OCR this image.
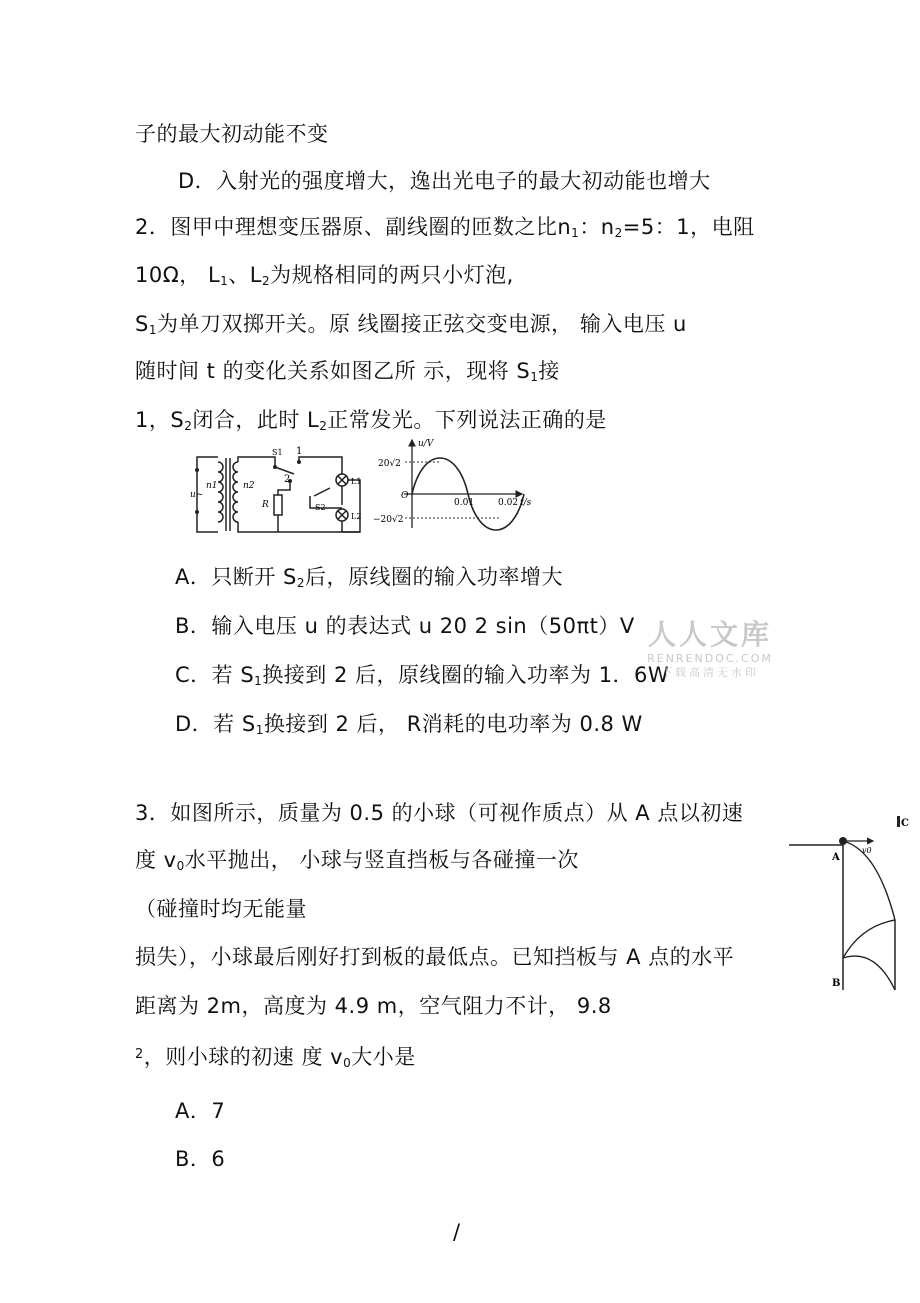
子的最大初动能不变
D．入射光的强度增大，逸出光电子的最大初动能也增大
2．图甲中理想变压器原、副线圈的匝数之比$n_1$：$n_2=5$：1，电阻
10Ω， $L_1$、$L_2$为规格相同的两只小灯泡,
$S_1$为单刀双掷开关。原 线圈接正弦交变电源， 输入电压 u
随时间 t 的变化关系如图乙所 示，现将 $S_1$接
1，$S_2$闭合，此时 $L_2$正常发光。下列说法正确的是
n1	n2
u~
S1 1
2
R	S2
L1
L2
u/V
20√2
−20√2
O
0.01	0.02 t/s
A．只断开 $S_2$后，原线圈的输入功率增大
B．输入电压 u 的表达式 u 20 2 sin（50πt）V
C．若 $S_1$换接到 2 后，原线圈的输入功率为 1．6W
D．若 $S_1$换接到 2 后， R消耗的电功率为 0.8 W
人人文库
RENRENDOC.COM
下载高清无水印
3．如图所示，质量为 0.5 的小球（可视作质点）从 A 点以初速
度 $v_0$水平抛出， 小球与竖直挡板与各碰撞一次
（碰撞时均无能量
损失），小球最后刚好打到板的最低点。已知挡板与 A 点的水平
距离为 2m，高度为 4.9 m，空气阻力不计， 9.8
$^2$，则小球的初速 度 $v_0$大小是
A
B
C
v0
A．7
B．6
/
